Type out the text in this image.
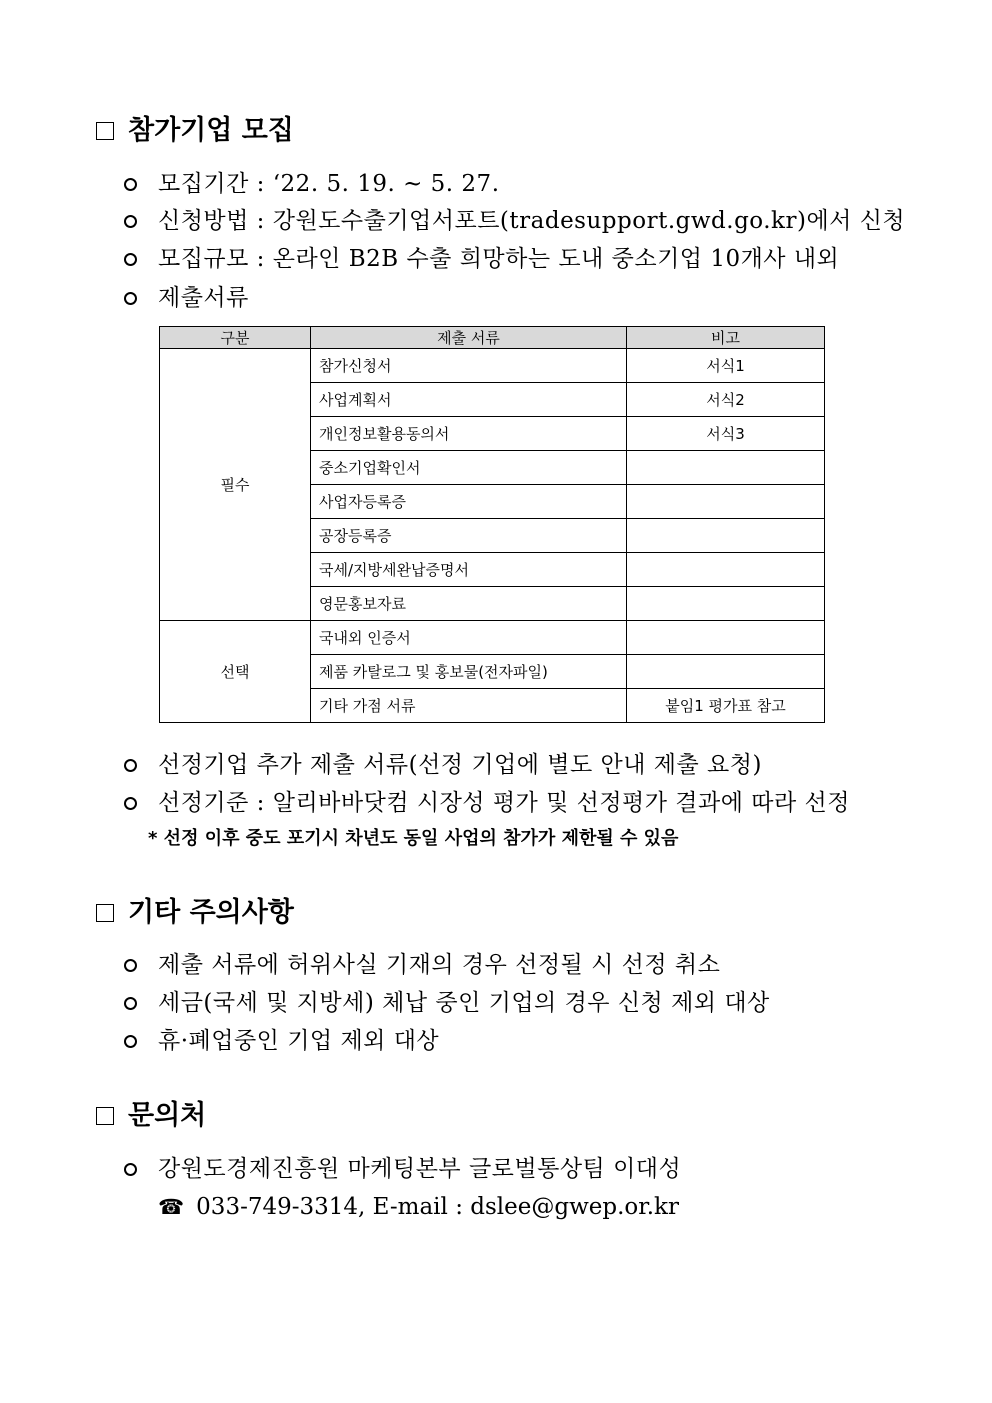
참가기업 모집
모집기간 : ‘22. 5. 19. ~ 5. 27.
신청방법 : 강원도수출기업서포트(tradesupport.gwd.go.kr)에서 신청
모집규모 : 온라인 B2B 수출 희망하는 도내 중소기업 10개사 내외
제출서류
구분	제출 서류	비고
필수	참가신청서	서식1
	사업계획서	서식2
	개인정보활용동의서	서식3
	중소기업확인서	
	사업자등록증	
	공장등록증	
	국세/지방세완납증명서	
	영문홍보자료	
선택	국내외 인증서	
	제품 카탈로그 및 홍보물(전자파일)	
	기타 가점 서류	붙임1 평가표 참고
선정기업 추가 제출 서류(선정 기업에 별도 안내 제출 요청)
선정기준 : 알리바바닷컴 시장성 평가 및 선정평가 결과에 따라 선정
* 선정 이후 중도 포기시 차년도 동일 사업의 참가가 제한될 수 있음
기타 주의사항
제출 서류에 허위사실 기재의 경우 선정될 시 선정 취소
세금(국세 및 지방세) 체납 중인 기업의 경우 신청 제외 대상
휴·폐업중인 기업 제외 대상
문의처
강원도경제진흥원 마케팅본부 글로벌통상팀 이대성
☎ 033-749-3314, E-mail : dslee@gwep.or.kr
